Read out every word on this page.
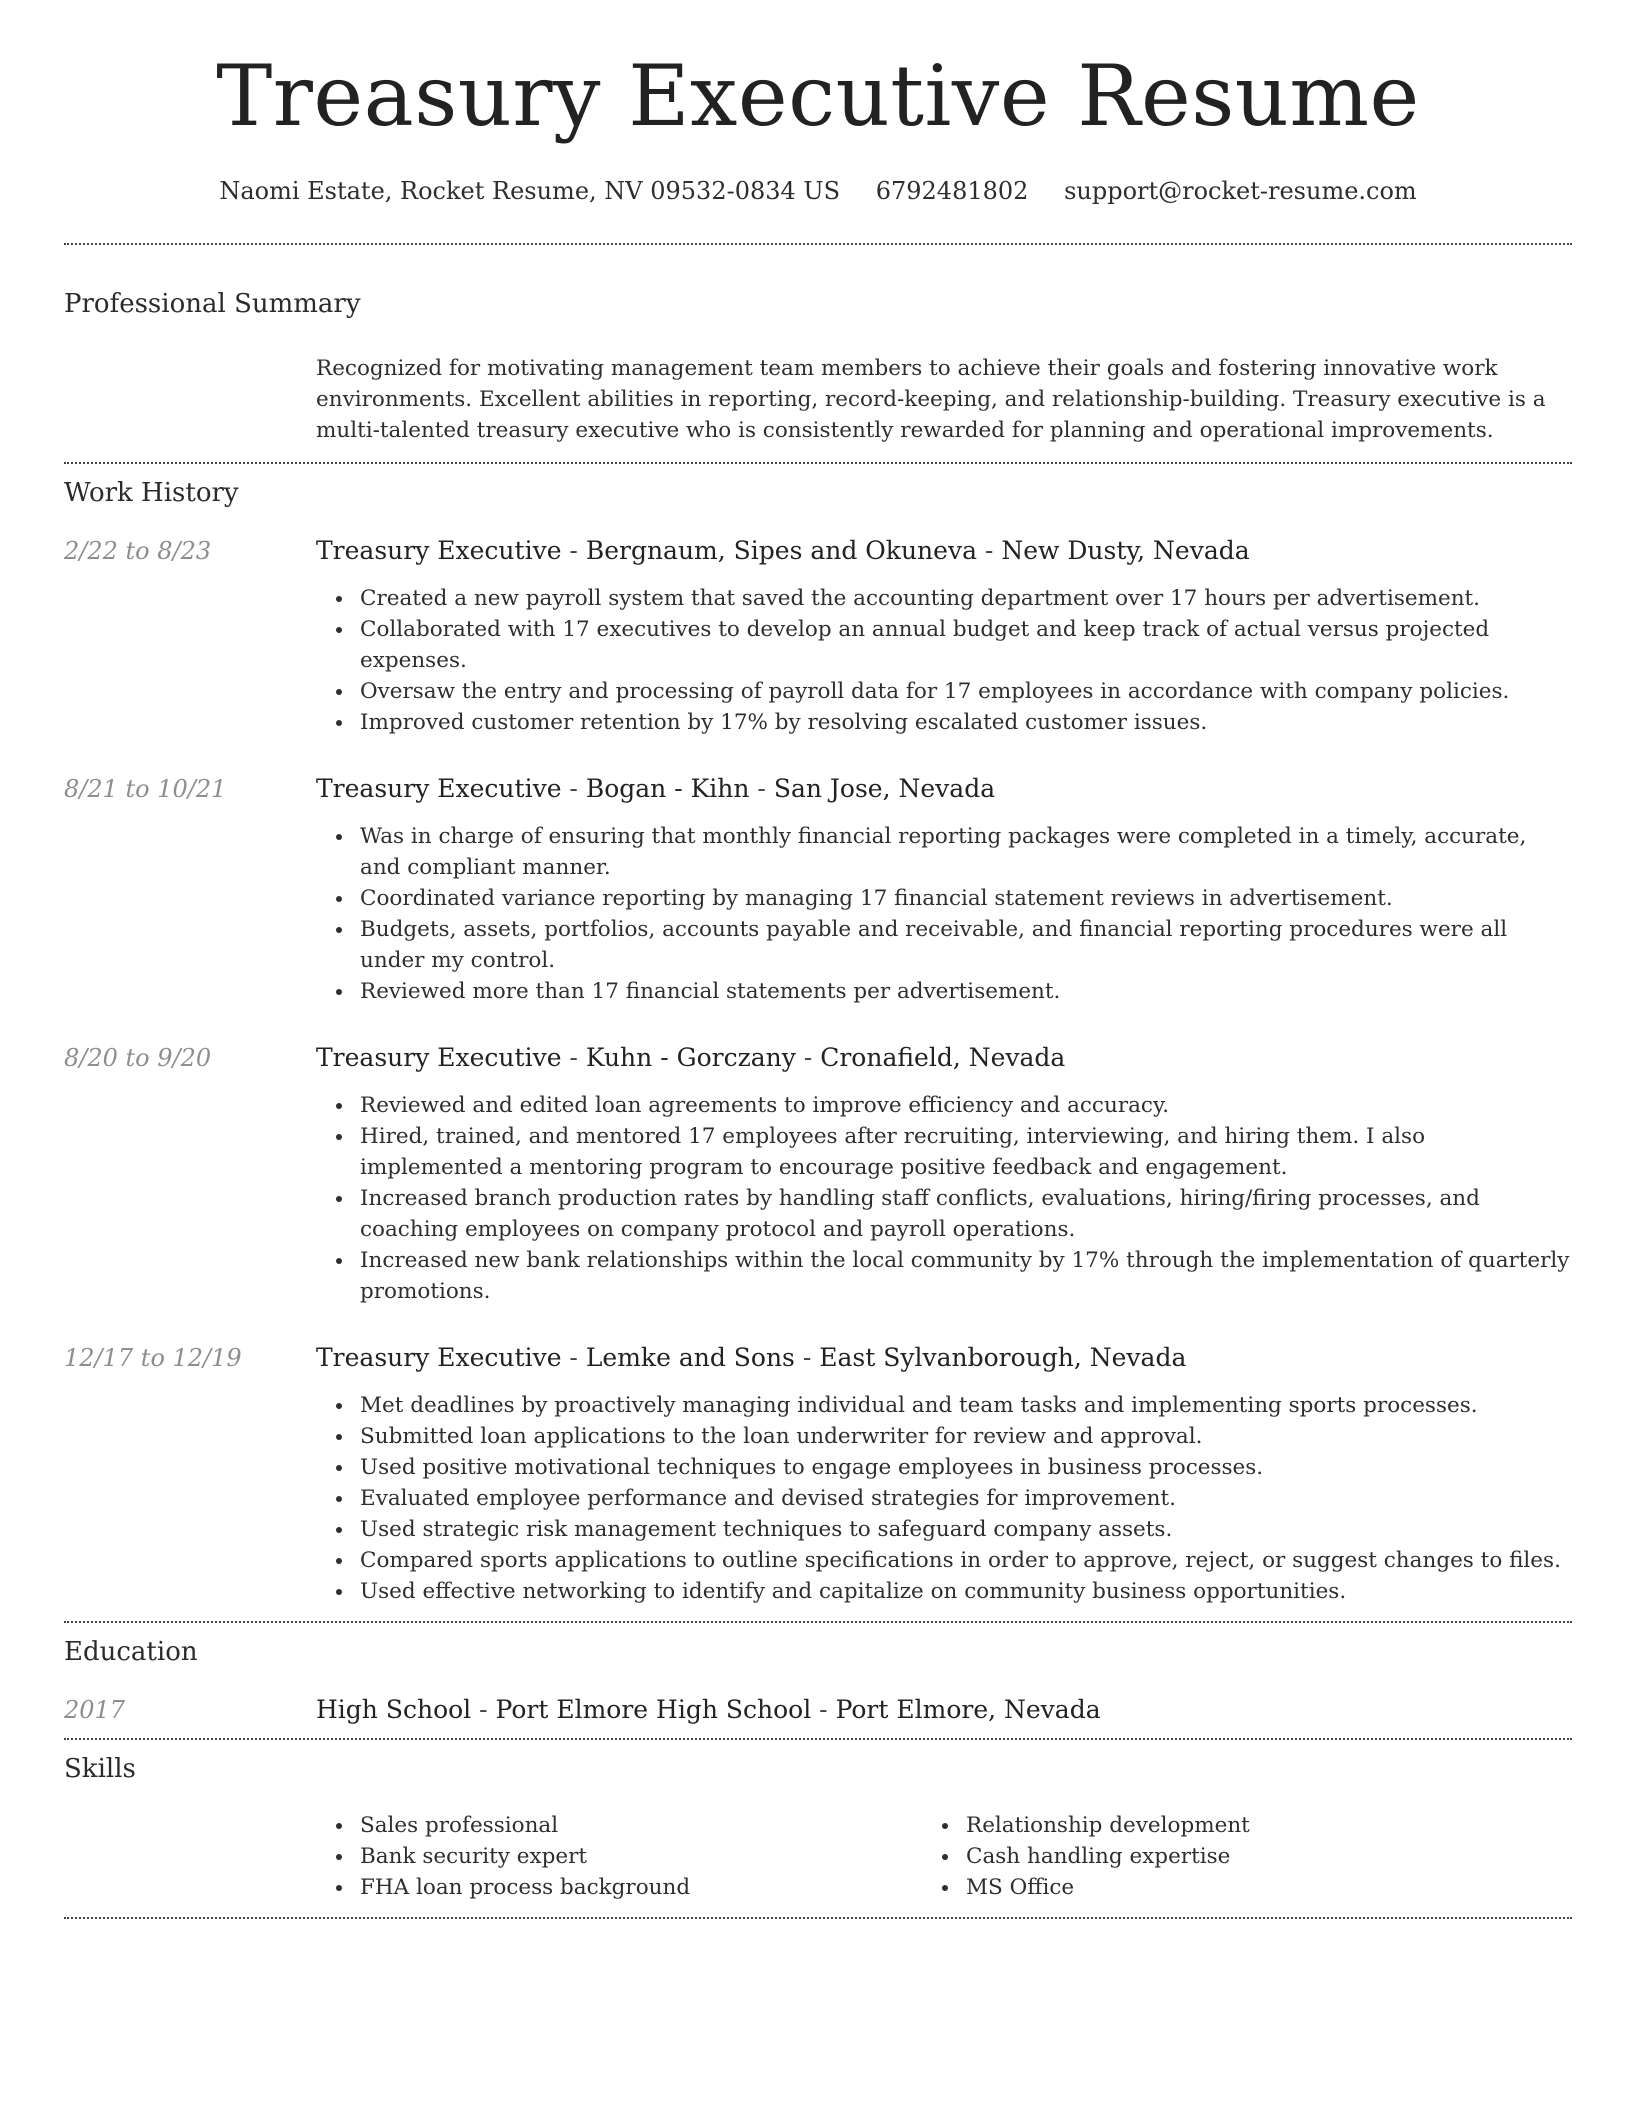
Treasury Executive Resume
Naomi Estate, Rocket Resume, NV 09532-0834 US 6792481802 support@rocket-resume.com
Professional Summary

Recognized for motivating management team members to achieve their goals and fostering innovative work environments. Excellent abilities in reporting, record-keeping, and relationship-building. Treasury executive is a multi-talented treasury executive who is consistently rewarded for planning and operational improvements.

Work History
2/22 to 8/23	Treasury Executive - Bergnaum, Sipes and Okuneva - New Dusty, Nevada
Created a new payroll system that saved the accounting department over 17 hours per advertisement.
Collaborated with 17 executives to develop an annual budget and keep track of actual versus projected expenses.
Oversaw the entry and processing of payroll data for 17 employees in accordance with company policies.
Improved customer retention by 17% by resolving escalated customer issues.
8/21 to 10/21	Treasury Executive - Bogan - Kihn - San Jose, Nevada
Was in charge of ensuring that monthly financial reporting packages were completed in a timely, accurate, and compliant manner.
Coordinated variance reporting by managing 17 financial statement reviews in advertisement.
Budgets, assets, portfolios, accounts payable and receivable, and financial reporting procedures were all under my control.
Reviewed more than 17 financial statements per advertisement.
8/20 to 9/20	Treasury Executive - Kuhn - Gorczany - Cronafield, Nevada
Reviewed and edited loan agreements to improve efficiency and accuracy.
Hired, trained, and mentored 17 employees after recruiting, interviewing, and hiring them. I also implemented a mentoring program to encourage positive feedback and engagement.
Increased branch production rates by handling staff conflicts, evaluations, hiring/firing processes, and coaching employees on company protocol and payroll operations.
Increased new bank relationships within the local community by 17% through the implementation of quarterly promotions.
12/17 to 12/19	Treasury Executive - Lemke and Sons - East Sylvanborough, Nevada
Met deadlines by proactively managing individual and team tasks and implementing sports processes.
Submitted loan applications to the loan underwriter for review and approval.
Used positive motivational techniques to engage employees in business processes.
Evaluated employee performance and devised strategies for improvement.
Used strategic risk management techniques to safeguard company assets.
Compared sports applications to outline specifications in order to approve, reject, or suggest changes to files.
Used effective networking to identify and capitalize on community business opportunities.
Education
2017	High School - Port Elmore High School - Port Elmore, Nevada
Skills
Sales professional
Bank security expert
FHA loan process background
Relationship development
Cash handling expertise
MS Office
